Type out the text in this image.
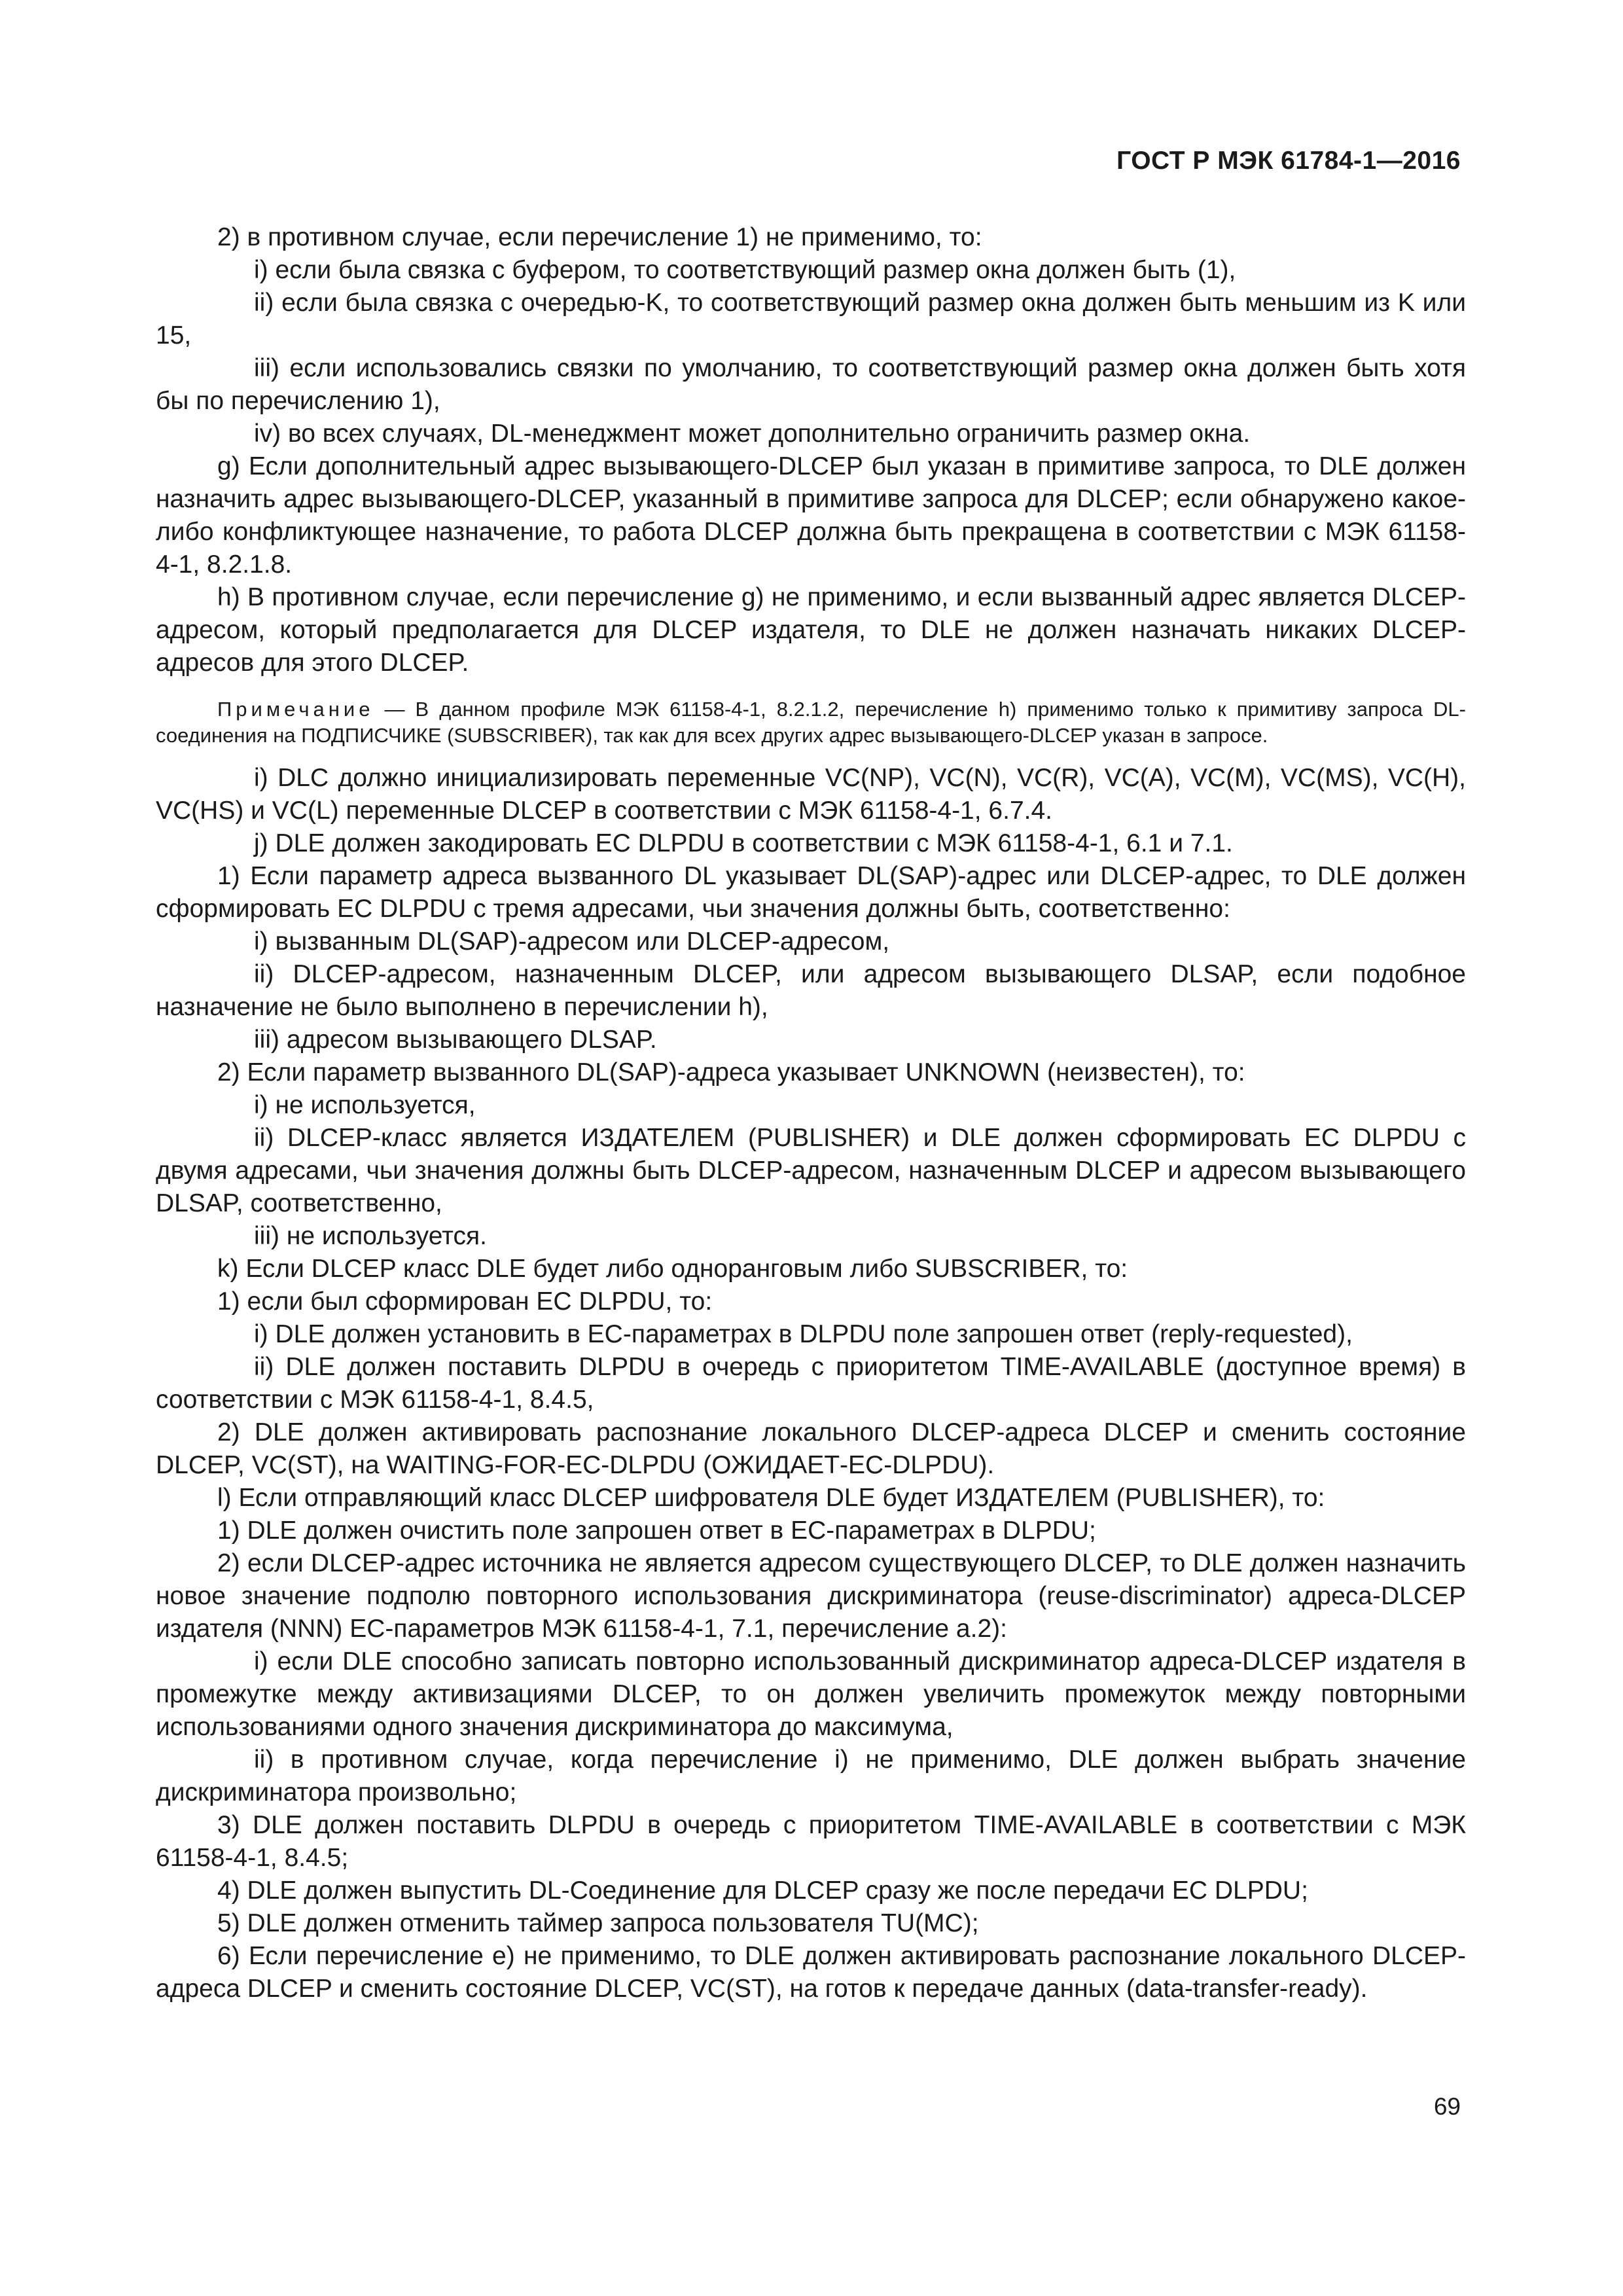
ГОСТ Р МЭК 61784-1—2016

2) в противном случае, если перечисление 1) не применимо, то:

i) если была связка с буфером, то соответствующий размер окна должен быть (1),

ii) если была связка с очередью-K, то соответствующий размер окна должен быть меньшим из K или 15,

iii) если использовались связки по умолчанию, то соответствующий размер окна должен быть хотя бы по перечислению 1),

iv) во всех случаях, DL-менеджмент может дополнительно ограничить размер окна.

g) Если дополнительный адрес вызывающего-DLCEP был указан в примитиве запроса, то DLE должен назначить адрес вызывающего-DLCEP, указанный в примитиве запроса для DLCEP; если обнаружено какое-либо конфликтующее назначение, то работа DLCEP должна быть прекращена в соответствии с МЭК 61158-4-1, 8.2.1.8.

h) В противном случае, если перечисление g) не применимо, и если вызванный адрес является DLCEP-адресом, который предполагается для DLCEP издателя, то DLE не должен назначать никаких DLCEP-адресов для этого DLCEP.

Примечание — В данном профиле МЭК 61158-4-1, 8.2.1.2, перечисление h) применимо только к примитиву запроса DL-соединения на ПОДПИСЧИКЕ (SUBSCRIBER), так как для всех других адрес вызывающего-DLCEP указан в запросе.

i) DLC должно инициализировать переменные VC(NP), VC(N), VC(R), VC(A), VC(M), VC(MS), VC(H), VC(HS) и VC(L) переменные DLCEP в соответствии с МЭК 61158-4-1, 6.7.4.

j) DLE должен закодировать EC DLPDU в соответствии с МЭК 61158-4-1, 6.1 и 7.1.

1) Если параметр адреса вызванного DL указывает DL(SAP)-адрес или DLCEP-адрес, то DLE должен сформировать EC DLPDU с тремя адресами, чьи значения должны быть, соответственно:

i) вызванным DL(SAP)-адресом или DLCEP-адресом,

ii) DLCEP-адресом, назначенным DLCEP, или адресом вызывающего DLSAP, если подобное назначение не было выполнено в перечислении h),

iii) адресом вызывающего DLSAP.

2) Если параметр вызванного DL(SAP)-адреса указывает UNKNOWN (неизвестен), то:

i) не используется,

ii) DLCEP-класс является ИЗДАТЕЛЕМ (PUBLISHER) и DLE должен сформировать EC DLPDU с двумя адресами, чьи значения должны быть DLCEP-адресом, назначенным DLCEP и адресом вызывающего DLSAP, соответственно,

iii) не используется.

k) Если DLCEP класс DLE будет либо одноранговым либо SUBSCRIBER, то:

1) если был сформирован EC DLPDU, то:

i) DLE должен установить в EC-параметрах в DLPDU поле запрошен ответ (reply-requested),

ii) DLE должен поставить DLPDU в очередь с приоритетом TIME-AVAILABLE (доступное время) в соответствии с МЭК 61158-4-1, 8.4.5,

2) DLE должен активировать распознание локального DLCEP-адреса DLCEP и сменить состояние DLCEP, VC(ST), на WAITING-FOR-EC-DLPDU (ОЖИДАЕТ-EC-DLPDU).

l) Если отправляющий класс DLCEP шифрователя DLE будет ИЗДАТЕЛЕМ (PUBLISHER), то:

1) DLE должен очистить поле запрошен ответ в EC-параметрах в DLPDU;

2) если DLCEP-адрес источника не является адресом существующего DLCEP, то DLE должен назначить новое значение подполю повторного использования дискриминатора (reuse-discriminator) адреса-DLCEP издателя (NNN) EC-параметров МЭК 61158-4-1, 7.1, перечисление a.2):

i) если DLE способно записать повторно использованный дискриминатор адреса-DLCEP издателя в промежутке между активизациями DLCEP, то он должен увеличить промежуток между повторными использованиями одного значения дискриминатора до максимума,

ii) в противном случае, когда перечисление i) не применимо, DLE должен выбрать значение дискриминатора произвольно;

3) DLE должен поставить DLPDU в очередь с приоритетом TIME-AVAILABLE в соответствии с МЭК 61158-4-1, 8.4.5;

4) DLE должен выпустить DL-Соединение для DLCEP сразу же после передачи EC DLPDU;

5) DLE должен отменить таймер запроса пользователя TU(MC);

6) Если перечисление e) не применимо, то DLE должен активировать распознание локального DLCEP-адреса DLCEP и сменить состояние DLCEP, VC(ST), на готов к передаче данных (data-transfer-ready).

69
